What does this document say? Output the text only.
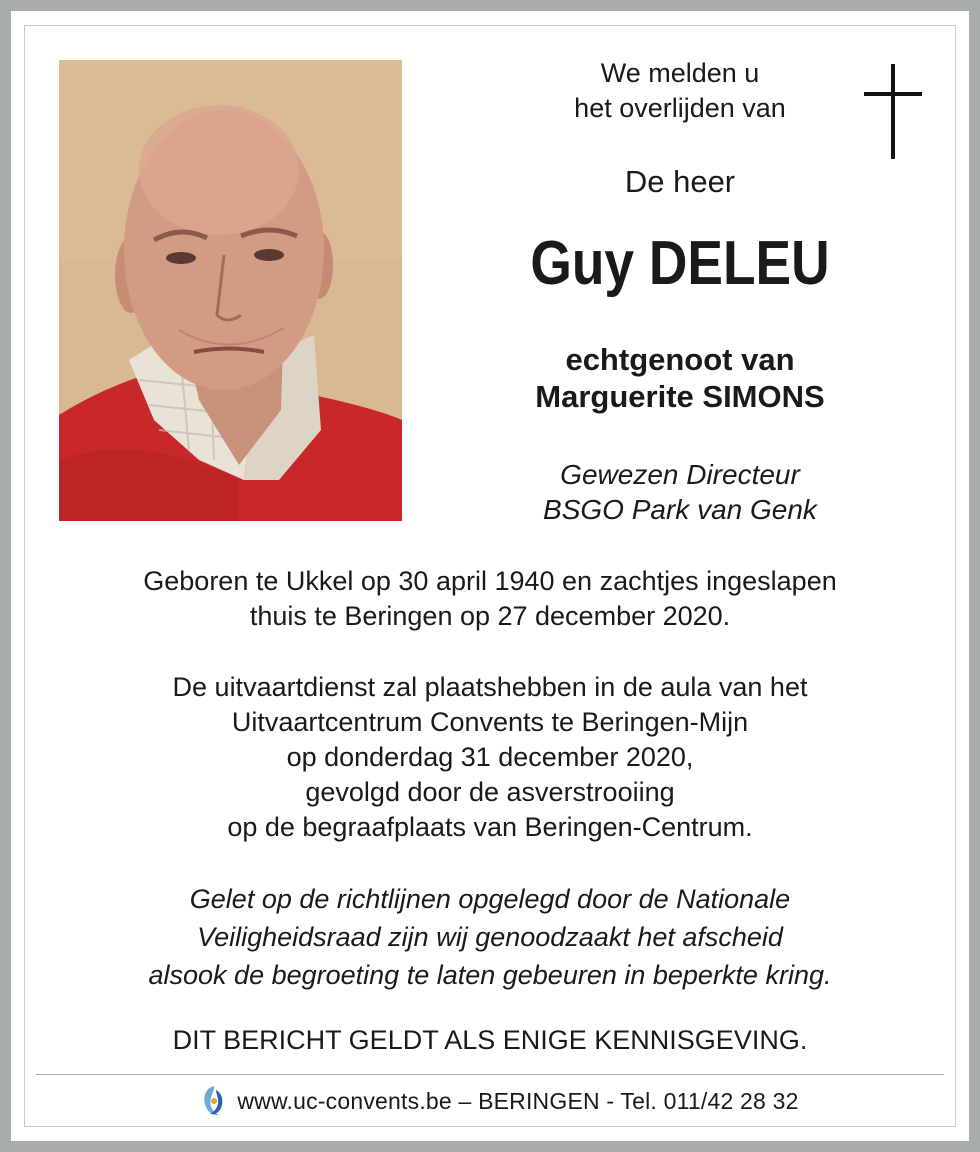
We melden u
het overlijden van
De heer
Guy DELEU
echtgenoot van
Marguerite SIMONS
Gewezen Directeur
BSGO Park van Genk
Geboren te Ukkel op 30 april 1940 en zachtjes ingeslapen
thuis te Beringen op 27 december 2020.
De uitvaartdienst zal plaatshebben in de aula van het
Uitvaartcentrum Convents te Beringen-Mijn
op donderdag 31 december 2020,
gevolgd door de asverstrooiing
op de begraafplaats van Beringen-Centrum.
Gelet op de richtlijnen opgelegd door de Nationale
Veiligheidsraad zijn wij genoodzaakt het afscheid
alsook de begroeting te laten gebeuren in beperkte kring.
DIT BERICHT GELDT ALS ENIGE KENNISGEVING.
www.uc-convents.be – BERINGEN - Tel. 011/42 28 32
